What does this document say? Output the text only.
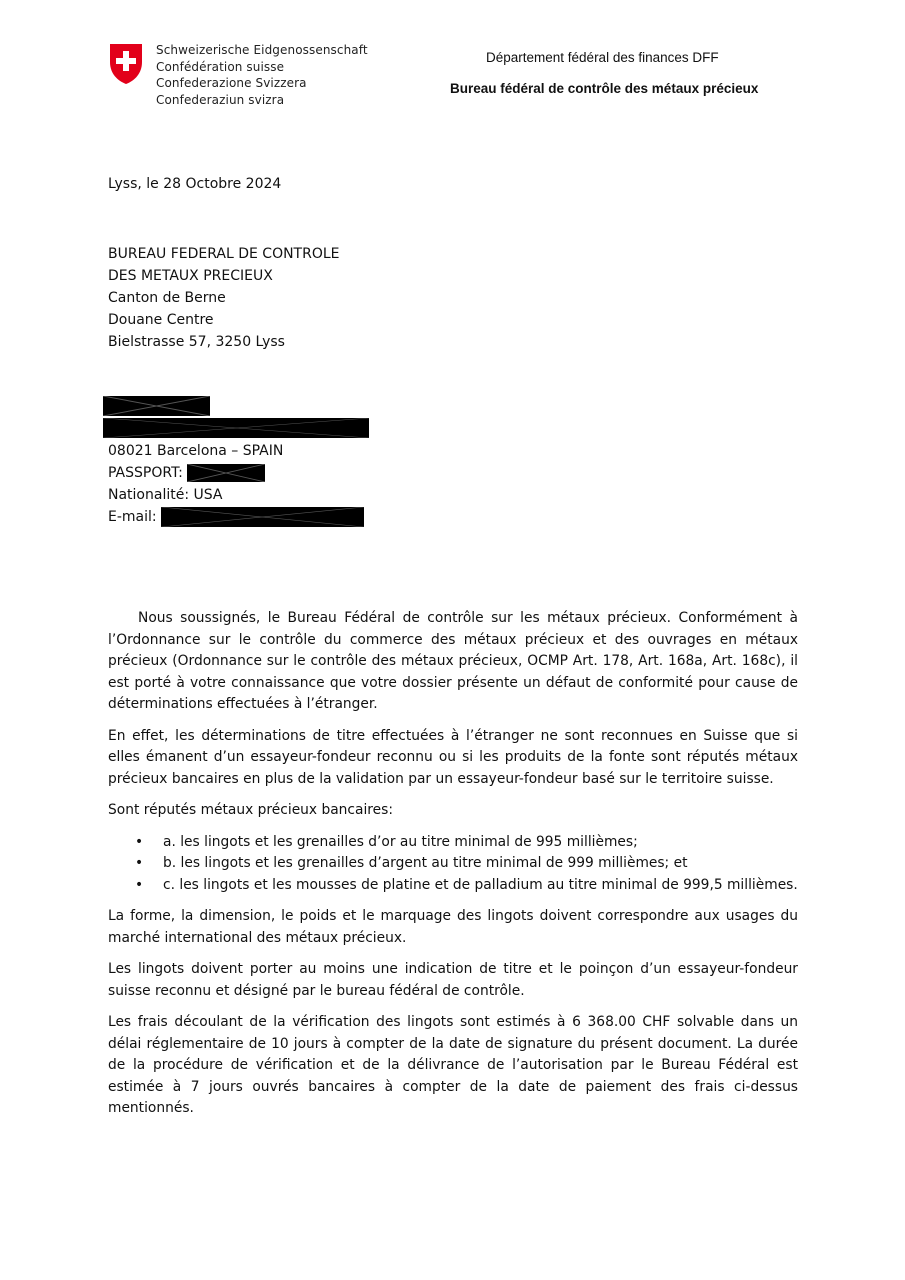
Schweizerische Eidgenossenschaft
Confédération suisse
Confederazione Svizzera
Confederaziun svizra
Département fédéral des finances DFF
Bureau fédéral de contrôle des métaux précieux
Lyss, le 28 Octobre 2024
BUREAU FEDERAL DE CONTROLE
DES METAUX PRECIEUX
Canton de Berne
Douane Centre
Bielstrasse 57, 3250 Lyss
08021 Barcelona – SPAIN
PASSPORT:
Nationalité: USA
E-mail:

Nous soussignés, le Bureau Fédéral de contrôle sur les métaux précieux. Conformément à l’Ordonnance sur le contrôle du commerce des métaux précieux et des ouvrages en métaux précieux (Ordonnance sur le contrôle des métaux précieux, OCMP Art. 178, Art. 168a, Art. 168c), il est porté à votre connaissance que votre dossier présente un défaut de conformité pour cause de déterminations effectuées à l’étranger.

En effet, les déterminations de titre effectuées à l’étranger ne sont reconnues en Suisse que si elles émanent d’un essayeur-fondeur reconnu ou si les produits de la fonte sont réputés métaux précieux bancaires en plus de la validation par un essayeur-fondeur basé sur le territoire suisse.

Sont réputés métaux précieux bancaires:

• a. les lingots et les grenailles d’or au titre minimal de 995 millièmes;
• b. les lingots et les grenailles d’argent au titre minimal de 999 millièmes; et
• c. les lingots et les mousses de platine et de palladium au titre minimal de 999,5 millièmes.

La forme, la dimension, le poids et le marquage des lingots doivent correspondre aux usages du marché international des métaux précieux.

Les lingots doivent porter au moins une indication de titre et le poinçon d’un essayeur-fondeur suisse reconnu et désigné par le bureau fédéral de contrôle.

Les frais découlant de la vérification des lingots sont estimés à 6 368.00 CHF solvable dans un délai réglementaire de 10 jours à compter de la date de signature du présent document. La durée de la procédure de vérification et de la délivrance de l’autorisation par le Bureau Fédéral est estimée à 7 jours ouvrés bancaires à compter de la date de paiement des frais ci-dessus mentionnés.
